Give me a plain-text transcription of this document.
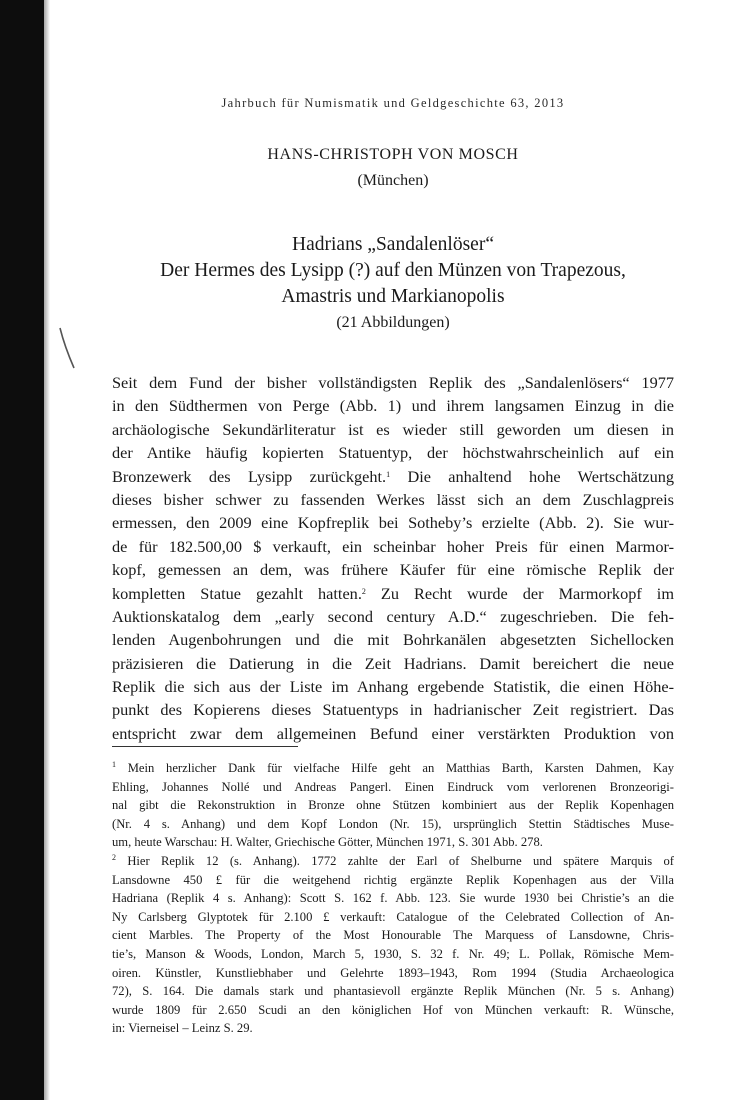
Jahrbuch für Numismatik und Geldgeschichte 63, 2013
HANS-CHRISTOPH VON MOSCH
(München)
Hadrians „Sandalenlöser“
Der Hermes des Lysipp (?) auf den Münzen von Trapezous,
Amastris und Markianopolis
(21 Abbildungen)
Seit dem Fund der bisher vollständigsten Replik des „Sandalenlösers“ 1977
in den Südthermen von Perge (Abb. 1) und ihrem langsamen Einzug in die
archäologische Sekundärliteratur ist es wieder still geworden um diesen in
der Antike häufig kopierten Statuentyp, der höchstwahrscheinlich auf ein
Bronzewerk des Lysipp zurückgeht.$^1$ Die anhaltend hohe Wertschätzung
dieses bisher schwer zu fassenden Werkes lässt sich an dem Zuschlagpreis
ermessen, den 2009 eine Kopfreplik bei Sotheby’s erzielte (Abb. 2). Sie wur-
de für 182.500,00 $ verkauft, ein scheinbar hoher Preis für einen Marmor-
kopf, gemessen an dem, was frühere Käufer für eine römische Replik der
kompletten Statue gezahlt hatten.$^2$ Zu Recht wurde der Marmorkopf im
Auktionskatalog dem „early second century A.D.“ zugeschrieben. Die feh-
lenden Augenbohrungen und die mit Bohrkanälen abgesetzten Sichellocken
präzisieren die Datierung in die Zeit Hadrians. Damit bereichert die neue
Replik die sich aus der Liste im Anhang ergebende Statistik, die einen Höhe-
punkt des Kopierens dieses Statuentyps in hadrianischer Zeit registriert. Das
entspricht zwar dem allgemeinen Befund einer verstärkten Produktion von
$^1$ Mein herzlicher Dank für vielfache Hilfe geht an Matthias Barth, Karsten Dahmen, Kay
Ehling, Johannes Nollé und Andreas Pangerl. Einen Eindruck vom verlorenen Bronzeorigi-
nal gibt die Rekonstruktion in Bronze ohne Stützen kombiniert aus der Replik Kopenhagen
(Nr. 4 s. Anhang) und dem Kopf London (Nr. 15), ursprünglich Stettin Städtisches Muse-
um, heute Warschau: H. Walter, Griechische Götter, München 1971, S. 301 Abb. 278.
$^2$ Hier Replik 12 (s. Anhang). 1772 zahlte der Earl of Shelburne und spätere Marquis of
Lansdowne 450 £ für die weitgehend richtig ergänzte Replik Kopenhagen aus der Villa
Hadriana (Replik 4 s. Anhang): Scott S. 162 f. Abb. 123. Sie wurde 1930 bei Christie’s an die
Ny Carlsberg Glyptotek für 2.100 £ verkauft: Catalogue of the Celebrated Collection of An-
cient Marbles. The Property of the Most Honourable The Marquess of Lansdowne, Chris-
tie’s, Manson & Woods, London, March 5, 1930, S. 32 f. Nr. 49; L. Pollak, Römische Mem-
oiren. Künstler, Kunstliebhaber und Gelehrte 1893–1943, Rom 1994 (Studia Archaeologica
72), S. 164. Die damals stark und phantasievoll ergänzte Replik München (Nr. 5 s. Anhang)
wurde 1809 für 2.650 Scudi an den königlichen Hof von München verkauft: R. Wünsche,
in: Vierneisel – Leinz S. 29.
